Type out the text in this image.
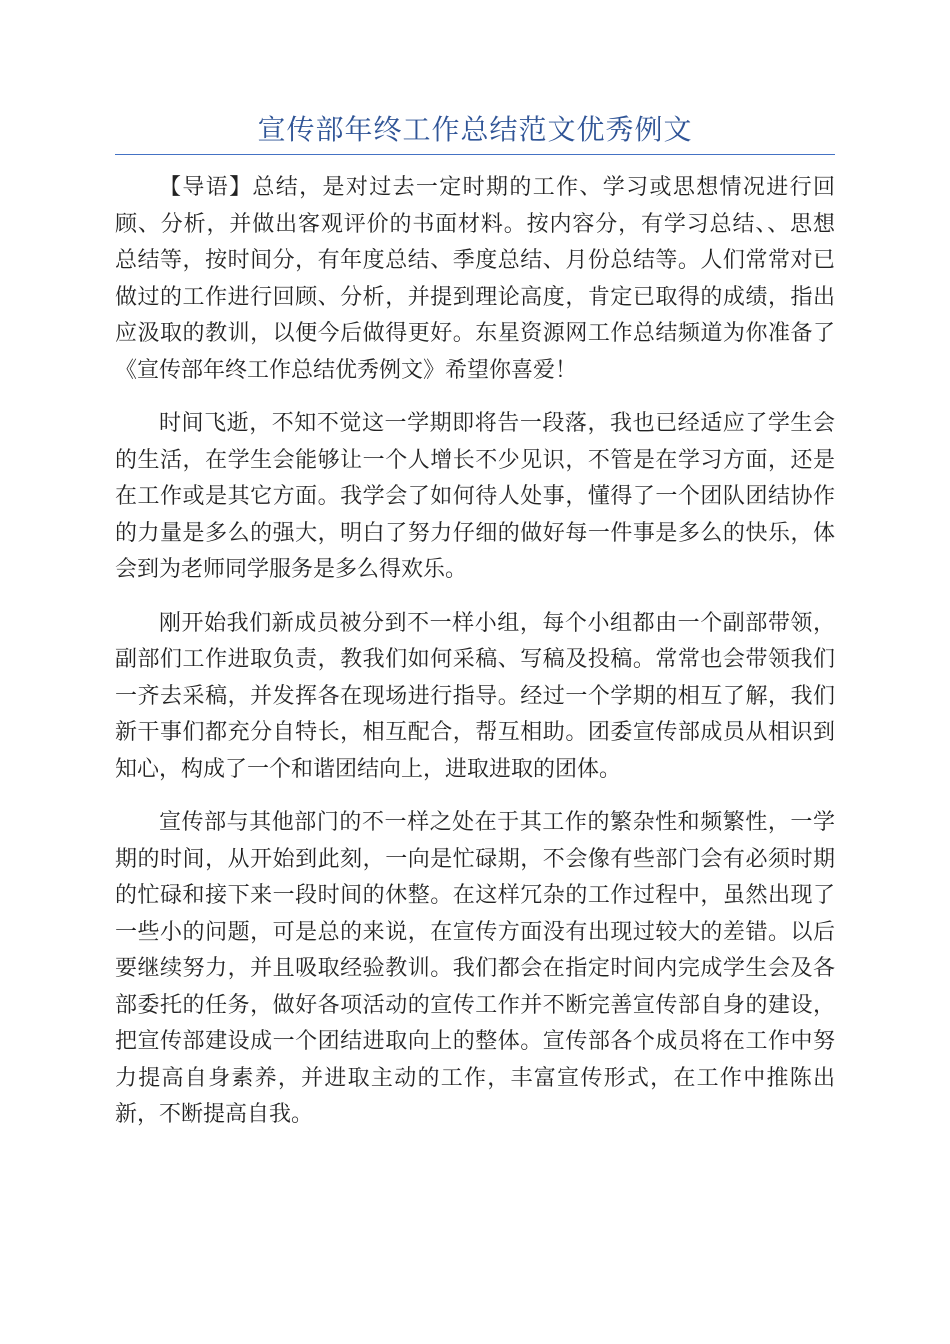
宣传部年终工作总结范文优秀例文

【导语】总结，是对过去一定时期的工作、学习或思想情况进行回
顾、分析，并做出客观评价的书面材料。按内容分，有学习总结、、思想
总结等，按时间分，有年度总结、季度总结、月份总结等。人们常常对已
做过的工作进行回顾、分析，并提到理论高度，肯定已取得的成绩，指出
应汲取的教训，以便今后做得更好。东星资源网工作总结频道为你准备了
《宣传部年终工作总结优秀例文》希望你喜爱！

时间飞逝，不知不觉这一学期即将告一段落，我也已经适应了学生会
的生活，在学生会能够让一个人增长不少见识，不管是在学习方面，还是
在工作或是其它方面。我学会了如何待人处事，懂得了一个团队团结协作
的力量是多么的强大，明白了努力仔细的做好每一件事是多么的快乐，体
会到为老师同学服务是多么得欢乐。

刚开始我们新成员被分到不一样小组，每个小组都由一个副部带领，
副部们工作进取负责，教我们如何采稿、写稿及投稿。常常也会带领我们
一齐去采稿，并发挥各在现场进行指导。经过一个学期的相互了解，我们
新干事们都充分自特长，相互配合，帮互相助。团委宣传部成员从相识到
知心，构成了一个和谐团结向上，进取进取的团体。

宣传部与其他部门的不一样之处在于其工作的繁杂性和频繁性，一学
期的时间，从开始到此刻，一向是忙碌期，不会像有些部门会有必须时期
的忙碌和接下来一段时间的休整。在这样冗杂的工作过程中，虽然出现了
一些小的问题，可是总的来说，在宣传方面没有出现过较大的差错。以后
要继续努力，并且吸取经验教训。我们都会在指定时间内完成学生会及各
部委托的任务，做好各项活动的宣传工作并不断完善宣传部自身的建设，
把宣传部建设成一个团结进取向上的整体。宣传部各个成员将在工作中努
力提高自身素养，并进取主动的工作，丰富宣传形式，在工作中推陈出
新，不断提高自我。
